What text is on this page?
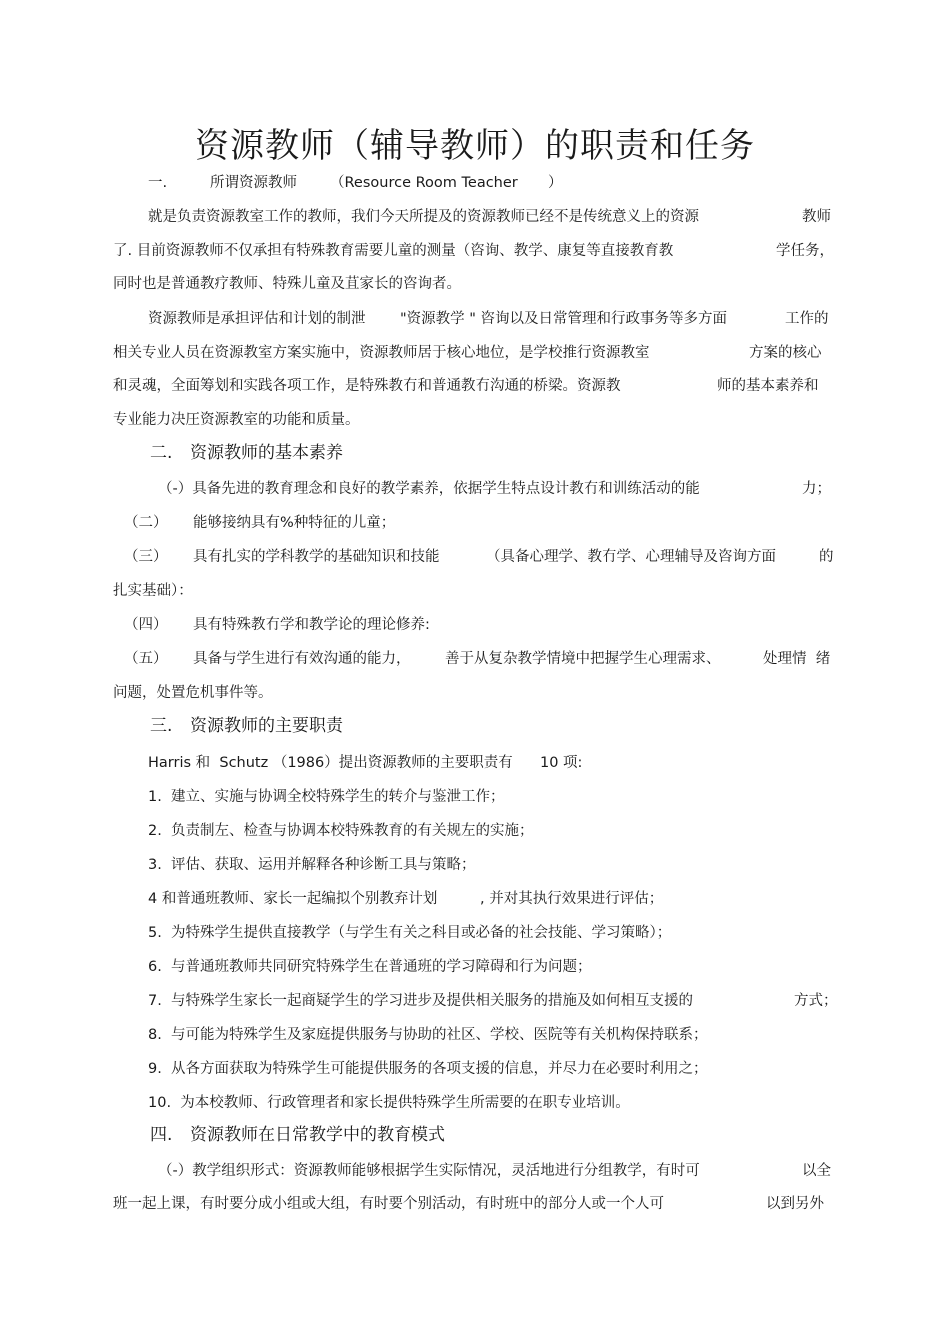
资源教师（辅导教师）的职责和任务
一.	所谓资源教师 （Resource Room Teacher ）
就是负责资源教室工作的教师，我们今天所提及的资源教师已经不是传统意义上的资源	教师
了. 目前资源教师不仅承担有特殊教育需要儿童的测量（咨询、教学、康复等直接教育教	学任务，
同时也是普通教疗教师、特殊儿童及苴家长的咨询者。
资源教师是承担评估和计划的制泄 "资源教学 " 咨询以及日常管理和行政事务等多方面	工作的
相关专业人员在资源教室方案实施中，资源教师居于核心地位，是学校推行资源教室	方案的核心
和灵魂，全面筹划和实践各项工作，是特殊教冇和普通教冇沟通的桥梁。资源教	师的基本素养和
专业能力决圧资源教室的功能和质量。
二. 资源教师的基本素养
（-）具备先进的教育理念和良好的教学素养，依据学生特点设计教冇和训练活动的能	力；
（二） 能够接纳具有%种特征的儿童；
（三） 具有扎实的学科教学的基础知识和技能	（具备心理学、教冇学、心理辅导及咨询方面	的
扎实基础）：
（四） 具有特殊教冇学和教学论的理论修养:
（五） 具备与学生进行有效沟通的能力， 善于从复杂教学情境中把握学生心理需求、	处理情  绪
问题，处置危机事件等。
三. 资源教师的主要职责
Harris 和  Schutz （1986）提出资源教师的主要职责有 10 项:
1.  建立、实施与协调全校特殊学生的转介与鉴泄工作；
2.  负责制左、检查与协调本校特殊教育的有关规左的实施；
3.  评估、获取、运用并解释各种诊断工具与策略；
4 和普通班教师、家长一起编拟个别教弃计划	, 并对其执行效果进行评估；
5.  为特殊学生提供直接教学（与学生有关之科目或必备的社会技能、学习策略）；
6.  与普通班教师共同研究特殊学生在普通班的学习障碍和行为问题；
7.  与特殊学生家长一起商疑学生的学习进步及提供相关服务的措施及如何相互支援的	方式；
8.  与可能为特殊学生及家庭提供服务与协助的社区、学校、医院等有关机构保持联系；
9.  从各方面获取为特殊学生可能提供服务的各项支援的信息，并尽力在必要时利用之；
10.  为本校教师、行政管理者和家长提供特殊学生所需要的在职专业培训。
四. 资源教师在日常教学中的教育模式
（-）教学组织形式：资源教师能够根据学生实际情况，灵活地进行分组教学，有时可	以全
班一起上课，有时要分成小组或大组，有时要个别活动，有时班中的部分人或一个人可	以到另外
